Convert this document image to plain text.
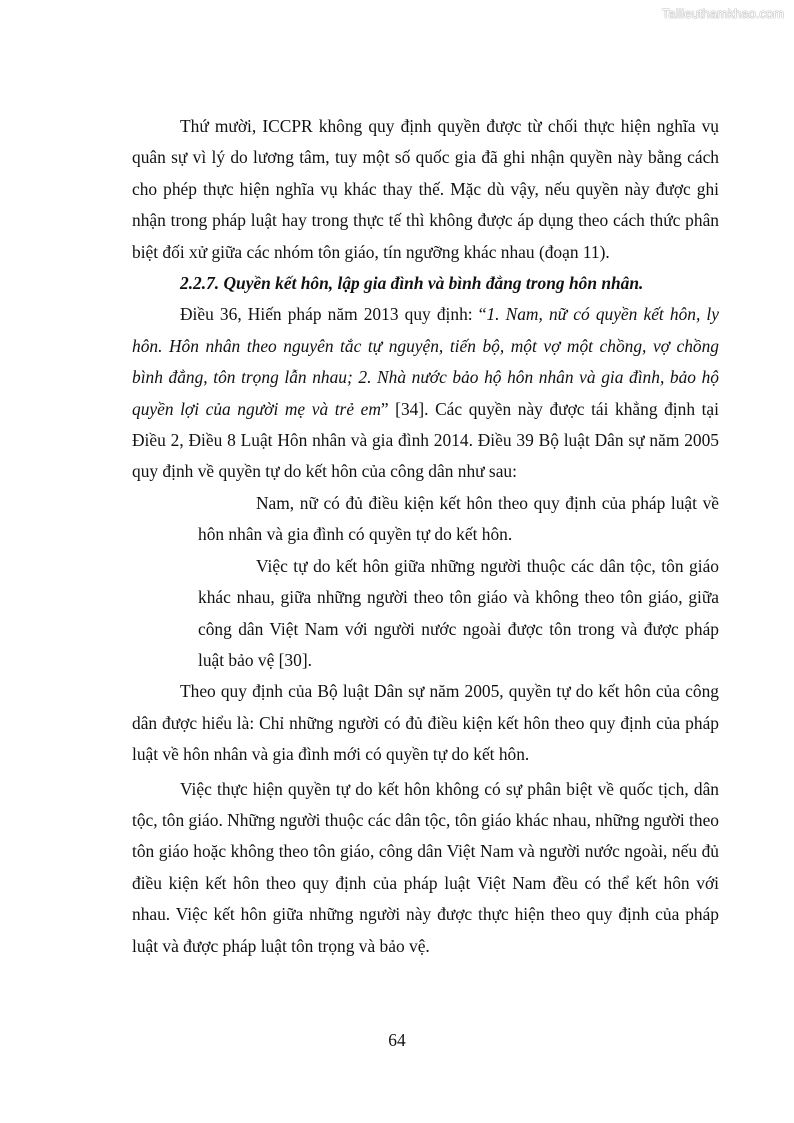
Tailieuthamkhao.com

Thứ mười, ICCPR không quy định quyền được từ chối thực hiện nghĩa vụ quân sự vì lý do lương tâm, tuy một số quốc gia đã ghi nhận quyền này bằng cách cho phép thực hiện nghĩa vụ khác thay thế. Mặc dù vậy, nếu quyền này được ghi nhận trong pháp luật hay trong thực tế thì không được áp dụng theo cách thức phân biệt đối xử giữa các nhóm tôn giáo, tín ngưỡng khác nhau (đoạn 11).

2.2.7. Quyền kết hôn, lập gia đình và bình đẳng trong hôn nhân.

Điều 36, Hiến pháp năm 2013 quy định: “1. Nam, nữ có quyền kết hôn, ly hôn. Hôn nhân theo nguyên tắc tự nguyện, tiến bộ, một vợ một chồng, vợ chồng bình đẳng, tôn trọng lẫn nhau; 2. Nhà nước bảo hộ hôn nhân và gia đình, bảo hộ quyền lợi của người mẹ và trẻ em” [34]. Các quyền này được tái khẳng định tại Điều 2, Điều 8 Luật Hôn nhân và gia đình 2014. Điều 39 Bộ luật Dân sự năm 2005 quy định về quyền tự do kết hôn của công dân như sau:

Nam, nữ có đủ điều kiện kết hôn theo quy định của pháp luật về hôn nhân và gia đình có quyền tự do kết hôn.

Việc tự do kết hôn giữa những người thuộc các dân tộc, tôn giáo khác nhau, giữa những người theo tôn giáo và không theo tôn giáo, giữa công dân Việt Nam với người nước ngoài được tôn trong và được pháp luật bảo vệ [30].

Theo quy định của Bộ luật Dân sự năm 2005, quyền tự do kết hôn của công dân được hiểu là: Chỉ những người có đủ điều kiện kết hôn theo quy định của pháp luật về hôn nhân và gia đình mới có quyền tự do kết hôn.

Việc thực hiện quyền tự do kết hôn không có sự phân biệt về quốc tịch, dân tộc, tôn giáo. Những người thuộc các dân tộc, tôn giáo khác nhau, những người theo tôn giáo hoặc không theo tôn giáo, công dân Việt Nam và người nước ngoài, nếu đủ điều kiện kết hôn theo quy định của pháp luật Việt Nam đều có thể kết hôn với nhau. Việc kết hôn giữa những người này được thực hiện theo quy định của pháp luật và được pháp luật tôn trọng và bảo vệ.

64
